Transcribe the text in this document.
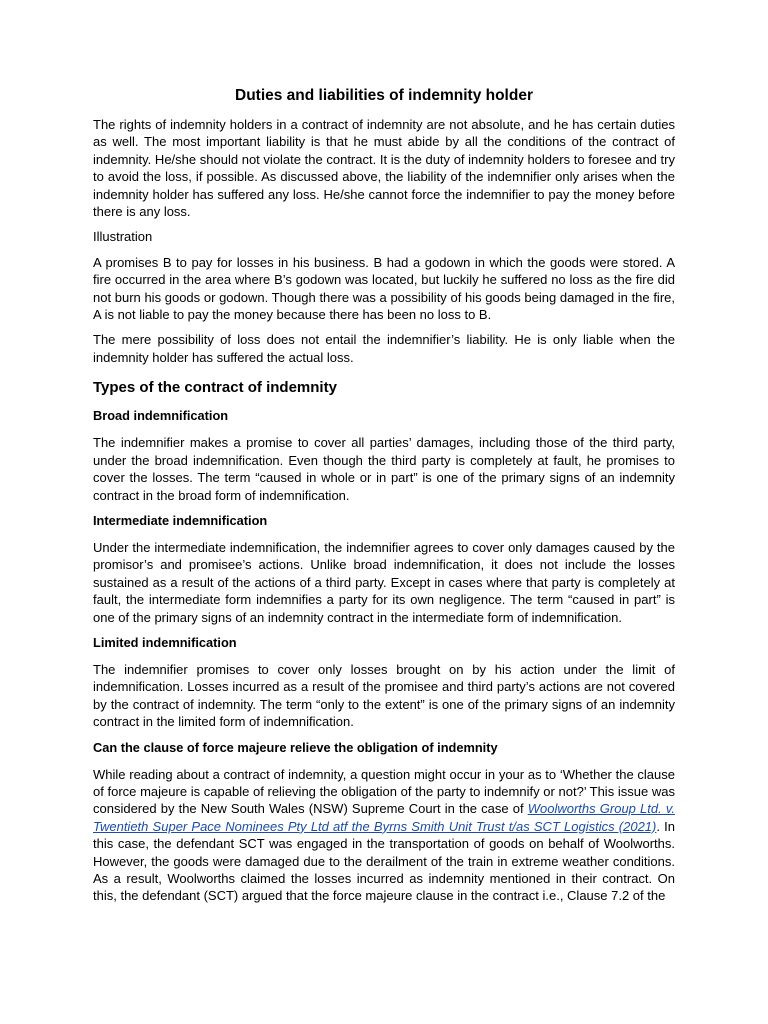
Duties and liabilities of indemnity holder

The rights of indemnity holders in a contract of indemnity are not absolute, and he has certain duties as well. The most important liability is that he must abide by all the conditions of the contract of indemnity. He/she should not violate the contract. It is the duty of indemnity holders to foresee and try to avoid the loss, if possible. As discussed above, the liability of the indemnifier only arises when the indemnity holder has suffered any loss. He/she cannot force the indemnifier to pay the money before there is any loss.

Illustration

A promises B to pay for losses in his business. B had a godown in which the goods were stored. A fire occurred in the area where B’s godown was located, but luckily he suffered no loss as the fire did not burn his goods or godown. Though there was a possibility of his goods being damaged in the fire, A is not liable to pay the money because there has been no loss to B.

The mere possibility of loss does not entail the indemnifier’s liability. He is only liable when the indemnity holder has suffered the actual loss.

Types of the contract of indemnity
Broad indemnification

The indemnifier makes a promise to cover all parties’ damages, including those of the third party, under the broad indemnification. Even though the third party is completely at fault, he promises to cover the losses. The term “caused in whole or in part” is one of the primary signs of an indemnity contract in the broad form of indemnification.

Intermediate indemnification

Under the intermediate indemnification, the indemnifier agrees to cover only damages caused by the promisor’s and promisee’s actions. Unlike broad indemnification, it does not include the losses sustained as a result of the actions of a third party. Except in cases where that party is completely at fault, the intermediate form indemnifies a party for its own negligence. The term “caused in part” is one of the primary signs of an indemnity contract in the intermediate form of indemnification.

Limited indemnification

The indemnifier promises to cover only losses brought on by his action under the limit of indemnification. Losses incurred as a result of the promisee and third party’s actions are not covered by the contract of indemnity. The term “only to the extent” is one of the primary signs of an indemnity contract in the limited form of indemnification.

Can the clause of force majeure relieve the obligation of indemnity

While reading about a contract of indemnity, a question might occur in your as to ‘Whether the clause of force majeure is capable of relieving the obligation of the party to indemnify or not?’ This issue was considered by the New South Wales (NSW) Supreme Court in the case of Woolworths Group Ltd. v. Twentieth Super Pace Nominees Pty Ltd atf the Byrns Smith Unit Trust t/as SCT Logistics (2021). In this case, the defendant SCT was engaged in the transportation of goods on behalf of Woolworths. However, the goods were damaged due to the derailment of the train in extreme weather conditions. As a result, Woolworths claimed the losses incurred as indemnity mentioned in their contract. On this, the defendant (SCT) argued that the force majeure clause in the contract i.e., Clause 7.2 of the
